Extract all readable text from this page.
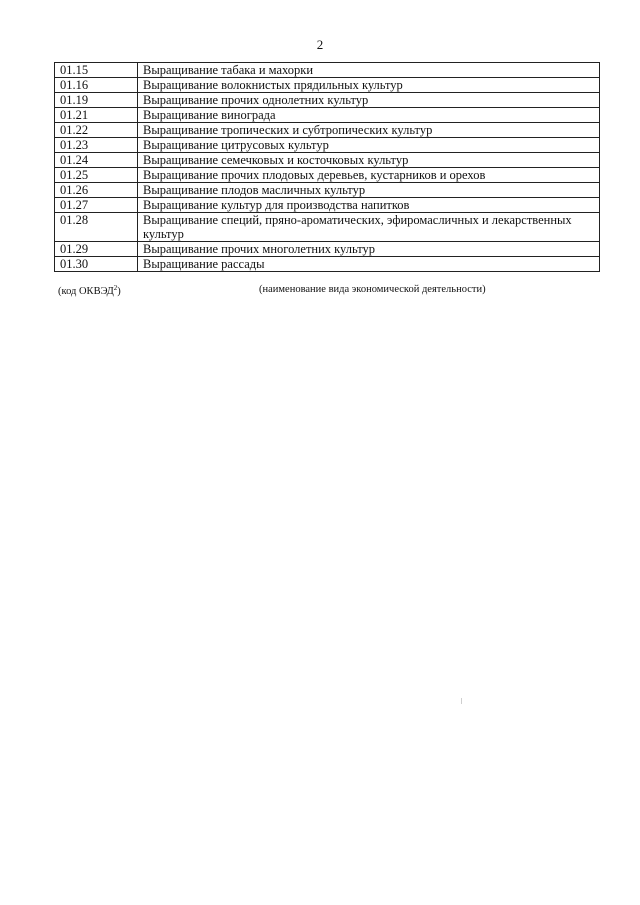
2
01.15	Выращивание табака и махорки
01.16	Выращивание волокнистых прядильных культур
01.19	Выращивание прочих однолетних культур
01.21	Выращивание винограда
01.22	Выращивание тропических и субтропических культур
01.23	Выращивание цитрусовых культур
01.24	Выращивание семечковых и косточковых культур
01.25	Выращивание прочих плодовых деревьев, кустарников и орехов
01.26	Выращивание плодов масличных культур
01.27	Выращивание культур для производства напитков
01.28	Выращивание специй, пряно-ароматических, эфиромасличных и лекарственных культур
01.29	Выращивание прочих многолетних культур
01.30	Выращивание рассады
(код ОКВЭД$^2$)	(наименование вида экономической деятельности)
